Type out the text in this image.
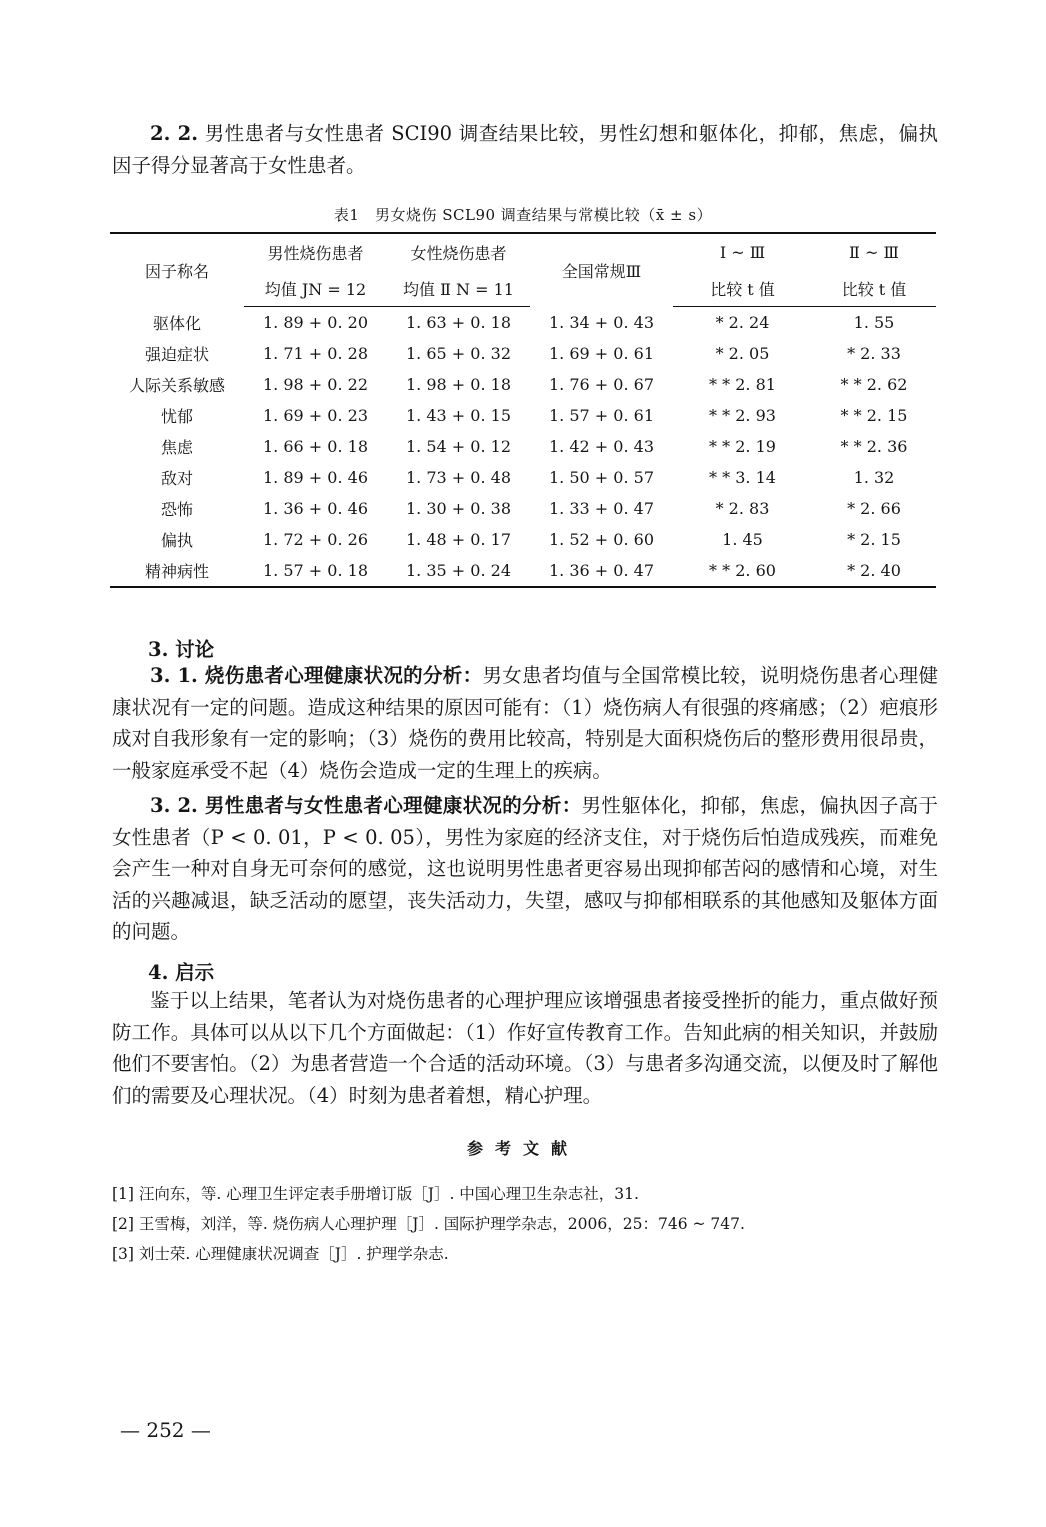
2. 2. 男性患者与女性患者 SCI90 调查结果比较，男性幻想和躯体化，抑郁，焦虑，偏执因子得分显著高于女性患者。

表1　男女烧伤 SCL90 调查结果与常模比较（x̄ ± s）
因子称名	男性烧伤患者	女性烧伤患者	全国常规Ⅲ	Ⅰ ~ Ⅲ	Ⅱ ~ Ⅲ
	均值 JN = 12	均值 Ⅱ N = 11		比较 t 值	比较 t 值
驱体化	1. 89 + 0. 20	1. 63 + 0. 18	1. 34 + 0. 43	* 2. 24	1. 55
强迫症状	1. 71 + 0. 28	1. 65 + 0. 32	1. 69 + 0. 61	* 2. 05	* 2. 33
人际关系敏感	1. 98 + 0. 22	1. 98 + 0. 18	1. 76 + 0. 67	* * 2. 81	* * 2. 62
忧郁	1. 69 + 0. 23	1. 43 + 0. 15	1. 57 + 0. 61	* * 2. 93	* * 2. 15
焦虑	1. 66 + 0. 18	1. 54 + 0. 12	1. 42 + 0. 43	* * 2. 19	* * 2. 36
敌对	1. 89 + 0. 46	1. 73 + 0. 48	1. 50 + 0. 57	* * 3. 14	1. 32
恐怖	1. 36 + 0. 46	1. 30 + 0. 38	1. 33 + 0. 47	* 2. 83	* 2. 66
偏执	1. 72 + 0. 26	1. 48 + 0. 17	1. 52 + 0. 60	1. 45	* 2. 15
精神病性	1. 57 + 0. 18	1. 35 + 0. 24	1. 36 + 0. 47	* * 2. 60	* 2. 40

3. 讨论

3. 1. 烧伤患者心理健康状况的分析：男女患者均值与全国常模比较，说明烧伤患者心理健康状况有一定的问题。造成这种结果的原因可能有：（1）烧伤病人有很强的疼痛感；（2）疤痕形成对自我形象有一定的影响；（3）烧伤的费用比较高，特别是大面积烧伤后的整形费用很昂贵，一般家庭承受不起（4）烧伤会造成一定的生理上的疾病。

3. 2. 男性患者与女性患者心理健康状况的分析：男性躯体化，抑郁，焦虑，偏执因子高于女性患者（P < 0. 01，P < 0. 05），男性为家庭的经济支住，对于烧伤后怕造成残疾，而难免会产生一种对自身无可奈何的感觉，这也说明男性患者更容易出现抑郁苦闷的感情和心境，对生活的兴趣减退，缺乏活动的愿望，丧失活动力，失望，感叹与抑郁相联系的其他感知及躯体方面的问题。

4. 启示

鉴于以上结果，笔者认为对烧伤患者的心理护理应该增强患者接受挫折的能力，重点做好预防工作。具体可以从以下几个方面做起：（1）作好宣传教育工作。告知此病的相关知识，并鼓励他们不要害怕。（2）为患者营造一个合适的活动环境。（3）与患者多沟通交流，以便及时了解他们的需要及心理状况。（4）时刻为患者着想，精心护理。

参考文献

[1] 汪向东，等. 心理卫生评定表手册增订版［J］. 中国心理卫生杂志社，31.

[2] 王雪梅，刘洋，等. 烧伤病人心理护理［J］. 国际护理学杂志，2006，25：746 ~ 747.

[3] 刘士荣. 心理健康状况调查［J］. 护理学杂志.

— 252 —
